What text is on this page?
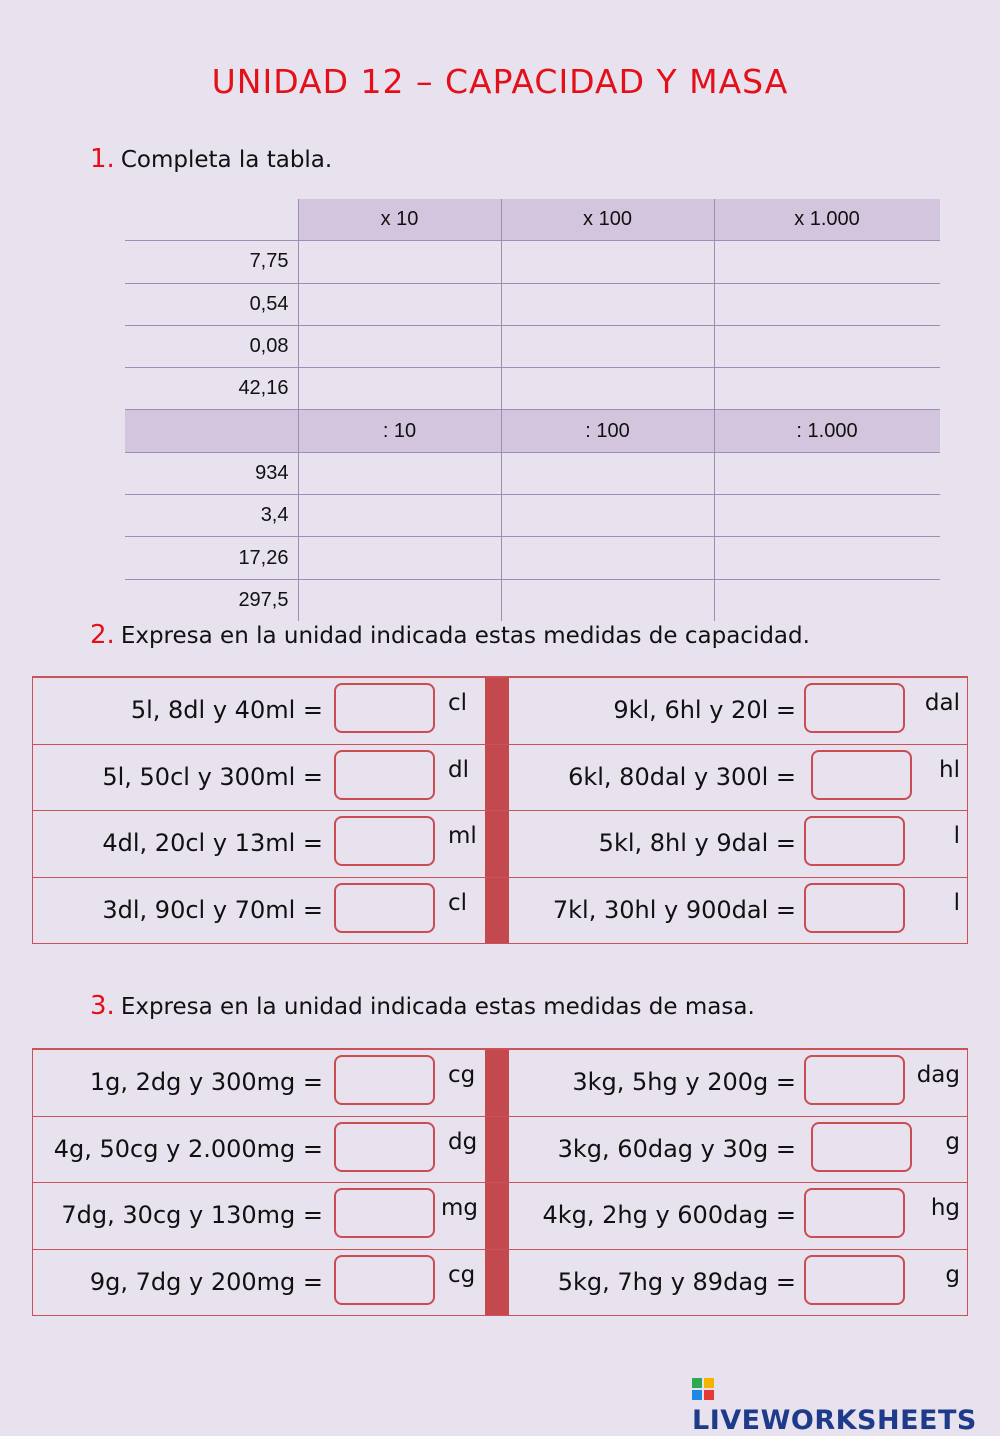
UNIDAD 12 – CAPACIDAD Y MASA
1. Completa la tabla.
	x 10	x 100	x 1.000
7,75			
0,54			
0,08			
42,16			
	: 10	: 100	: 1.000
934			
3,4			
17,26			
297,5			
2. Expresa en la unidad indicada estas medidas de capacidad.
5l, 8dl y 40ml =	cl	9kl, 6hl y 20l =	dal
5l, 50cl y 300ml =	dl	6kl, 80dal y 300l =	hl
4dl, 20cl y 13ml =	ml	5kl, 8hl y 9dal =	l
3dl, 90cl y 70ml =	cl	7kl, 30hl y 900dal =	l
3. Expresa en la unidad indicada estas medidas de masa.
1g, 2dg y 300mg =	cg	3kg, 5hg y 200g =	dag
4g, 50cg y 2.000mg =	dg	3kg, 60dag y 30g =	g
7dg, 30cg y 130mg =	mg	4kg, 2hg y 600dag =	hg
9g, 7dg y 200mg =	cg	5kg, 7hg y 89dag =	g
LIVEWORKSHEETS
